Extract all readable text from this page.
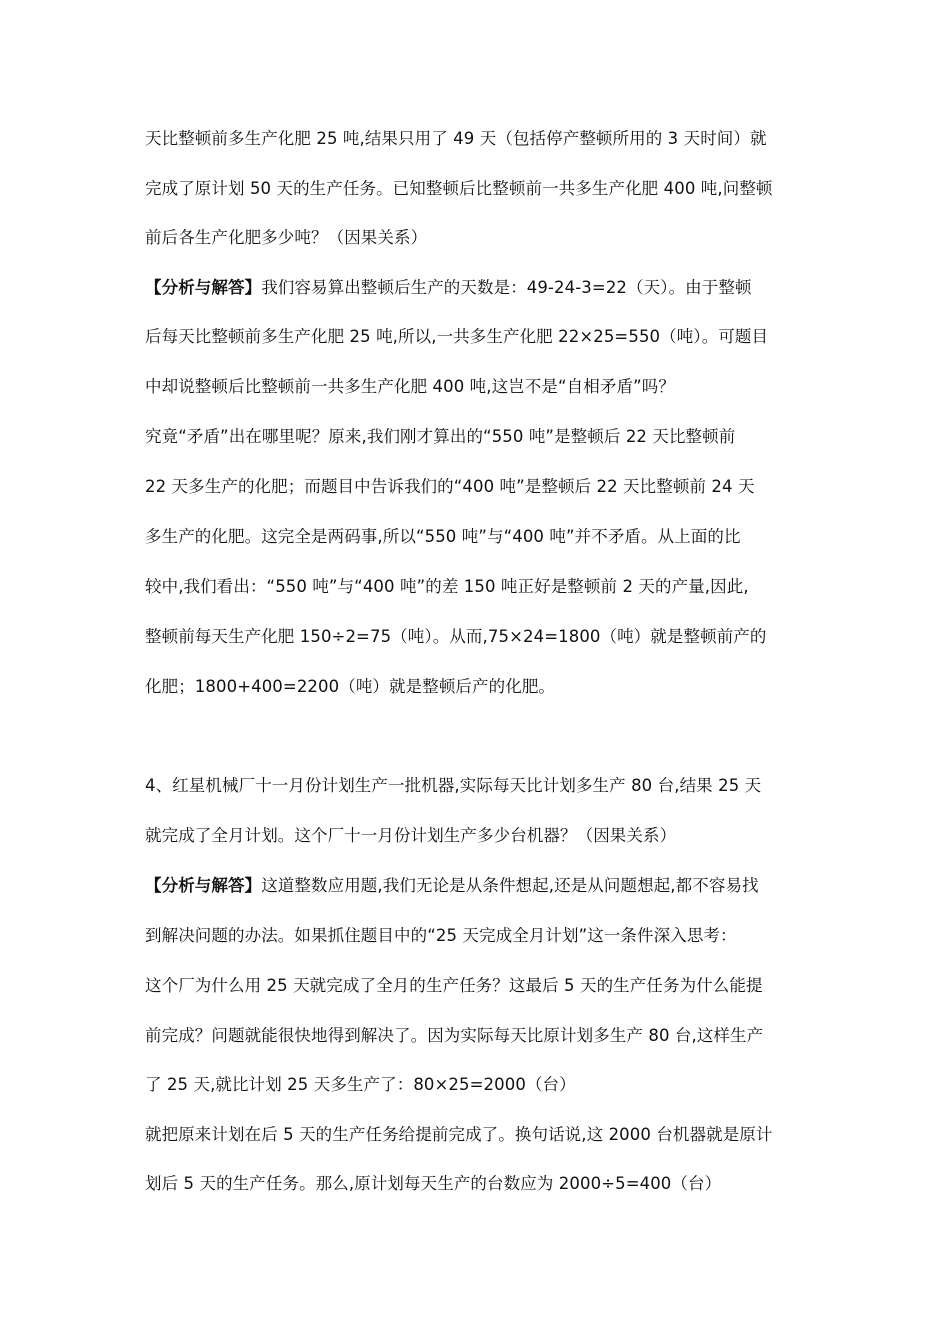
天比整顿前多生产化肥 25 吨,结果只用了 49 天（包括停产整顿所用的 3 天时间）就
完成了原计划 50 天的生产任务。已知整顿后比整顿前一共多生产化肥 400 吨,问整顿
前后各生产化肥多少吨？（因果关系）
【分析与解答】我们容易算出整顿后生产的天数是：49-24-3=22（天）。由于整顿
后每天比整顿前多生产化肥 25 吨,所以,一共多生产化肥 22×25=550（吨）。可题目
中却说整顿后比整顿前一共多生产化肥 400 吨,这岂不是“自相矛盾”吗？
究竟“矛盾”出在哪里呢？原来,我们刚才算出的“550 吨”是整顿后 22 天比整顿前
22 天多生产的化肥；而题目中告诉我们的“400 吨”是整顿后 22 天比整顿前 24 天
多生产的化肥。这完全是两码事,所以“550 吨”与“400 吨”并不矛盾。从上面的比
较中,我们看出：“550 吨”与“400 吨”的差 150 吨正好是整顿前 2 天的产量,因此,
整顿前每天生产化肥 150÷2=75（吨）。从而,75×24=1800（吨）就是整顿前产的
化肥；1800+400=2200（吨）就是整顿后产的化肥。
4、红星机械厂十一月份计划生产一批机器,实际每天比计划多生产 80 台,结果 25 天
就完成了全月计划。这个厂十一月份计划生产多少台机器？（因果关系）
【分析与解答】这道整数应用题,我们无论是从条件想起,还是从问题想起,都不容易找
到解决问题的办法。如果抓住题目中的“25 天完成全月计划”这一条件深入思考：
这个厂为什么用 25 天就完成了全月的生产任务？这最后 5 天的生产任务为什么能提
前完成？问题就能很快地得到解决了。因为实际每天比原计划多生产 80 台,这样生产
了 25 天,就比计划 25 天多生产了：80×25=2000（台）
就把原来计划在后 5 天的生产任务给提前完成了。换句话说,这 2000 台机器就是原计
划后 5 天的生产任务。那么,原计划每天生产的台数应为 2000÷5=400（台）
